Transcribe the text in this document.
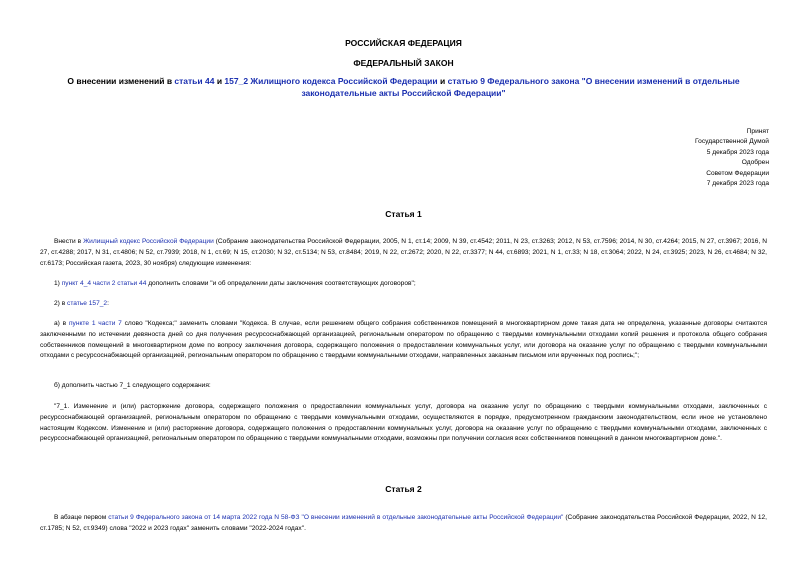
РОССИЙСКАЯ ФЕДЕРАЦИЯ
ФЕДЕРАЛЬНЫЙ ЗАКОН
О внесении изменений в статьи 44 и 157_2 Жилищного кодекса Российской Федерации и статью 9 Федерального закона "О внесении изменений в отдельные законодательные акты Российской Федерации"
Принят
Государственной Думой
5 декабря 2023 года
Одобрен
Советом Федерации
7 декабря 2023 года
Статья 1
Внести в Жилищный кодекс Российской Федерации (Собрание законодательства Российской Федерации, 2005, N 1, ст.14; 2009, N 39, ст.4542; 2011, N 23, ст.3263; 2012, N 53, ст.7596; 2014, N 30, ст.4264; 2015, N 27, ст.3967; 2016, N 27, ст.4288; 2017, N 31, ст.4806; N 52, ст.7939; 2018, N 1, ст.69; N 15, ст.2030; N 32, ст.5134; N 53, ст.8484; 2019, N 22, ст.2672; 2020, N 22, ст.3377; N 44, ст.6893; 2021, N 1, ст.33; N 18, ст.3064; 2022, N 24, ст.3925; 2023, N 26, ст.4684; N 32, ст.6173; Российская газета, 2023, 30 ноября) следующие изменения:
1) пункт 4_4 части 2 статьи 44 дополнить словами "и об определении даты заключения соответствующих договоров";
2) в статье 157_2:
а) в пункте 1 части 7 слово "Кодекса;" заменить словами "Кодекса. В случае, если решением общего собрания собственников помещений в многоквартирном доме такая дата не определена, указанные договоры считаются заключенными по истечении девяноста дней со дня получения ресурсоснабжающей организацией, региональным оператором по обращению с твердыми коммунальными отходами копий решения и протокола общего собрания собственников помещений в многоквартирном доме по вопросу заключения договора, содержащего положения о предоставлении коммунальных услуг, или договора на оказание услуг по обращению с твердыми коммунальными отходами с ресурсоснабжающей организацией, региональным оператором по обращению с твердыми коммунальными отходами, направленных заказным письмом или врученных под роспись;";
б) дополнить частью 7_1 следующего содержания:
"7_1. Изменение и (или) расторжение договора, содержащего положения о предоставлении коммунальных услуг, договора на оказание услуг по обращению с твердыми коммунальными отходами, заключенных с ресурсоснабжающей организацией, региональным оператором по обращению с твердыми коммунальными отходами, осуществляются в порядке, предусмотренном гражданским законодательством, если иное не установлено настоящим Кодексом. Изменение и (или) расторжение договора, содержащего положения о предоставлении коммунальных услуг, договора на оказание услуг по обращению с твердыми коммунальными отходами, заключенных с ресурсоснабжающей организацией, региональным оператором по обращению с твердыми коммунальными отходами, возможны при получении согласия всех собственников помещений в данном многоквартирном доме.".
Статья 2
В абзаце первом статьи 9 Федерального закона от 14 марта 2022 года N 58-ФЗ "О внесении изменений в отдельные законодательные акты Российской Федерации" (Собрание законодательства Российской Федерации, 2022, N 12, ст.1785; N 52, ст.9349) слова "2022 и 2023 годах" заменить словами "2022-2024 годах".
